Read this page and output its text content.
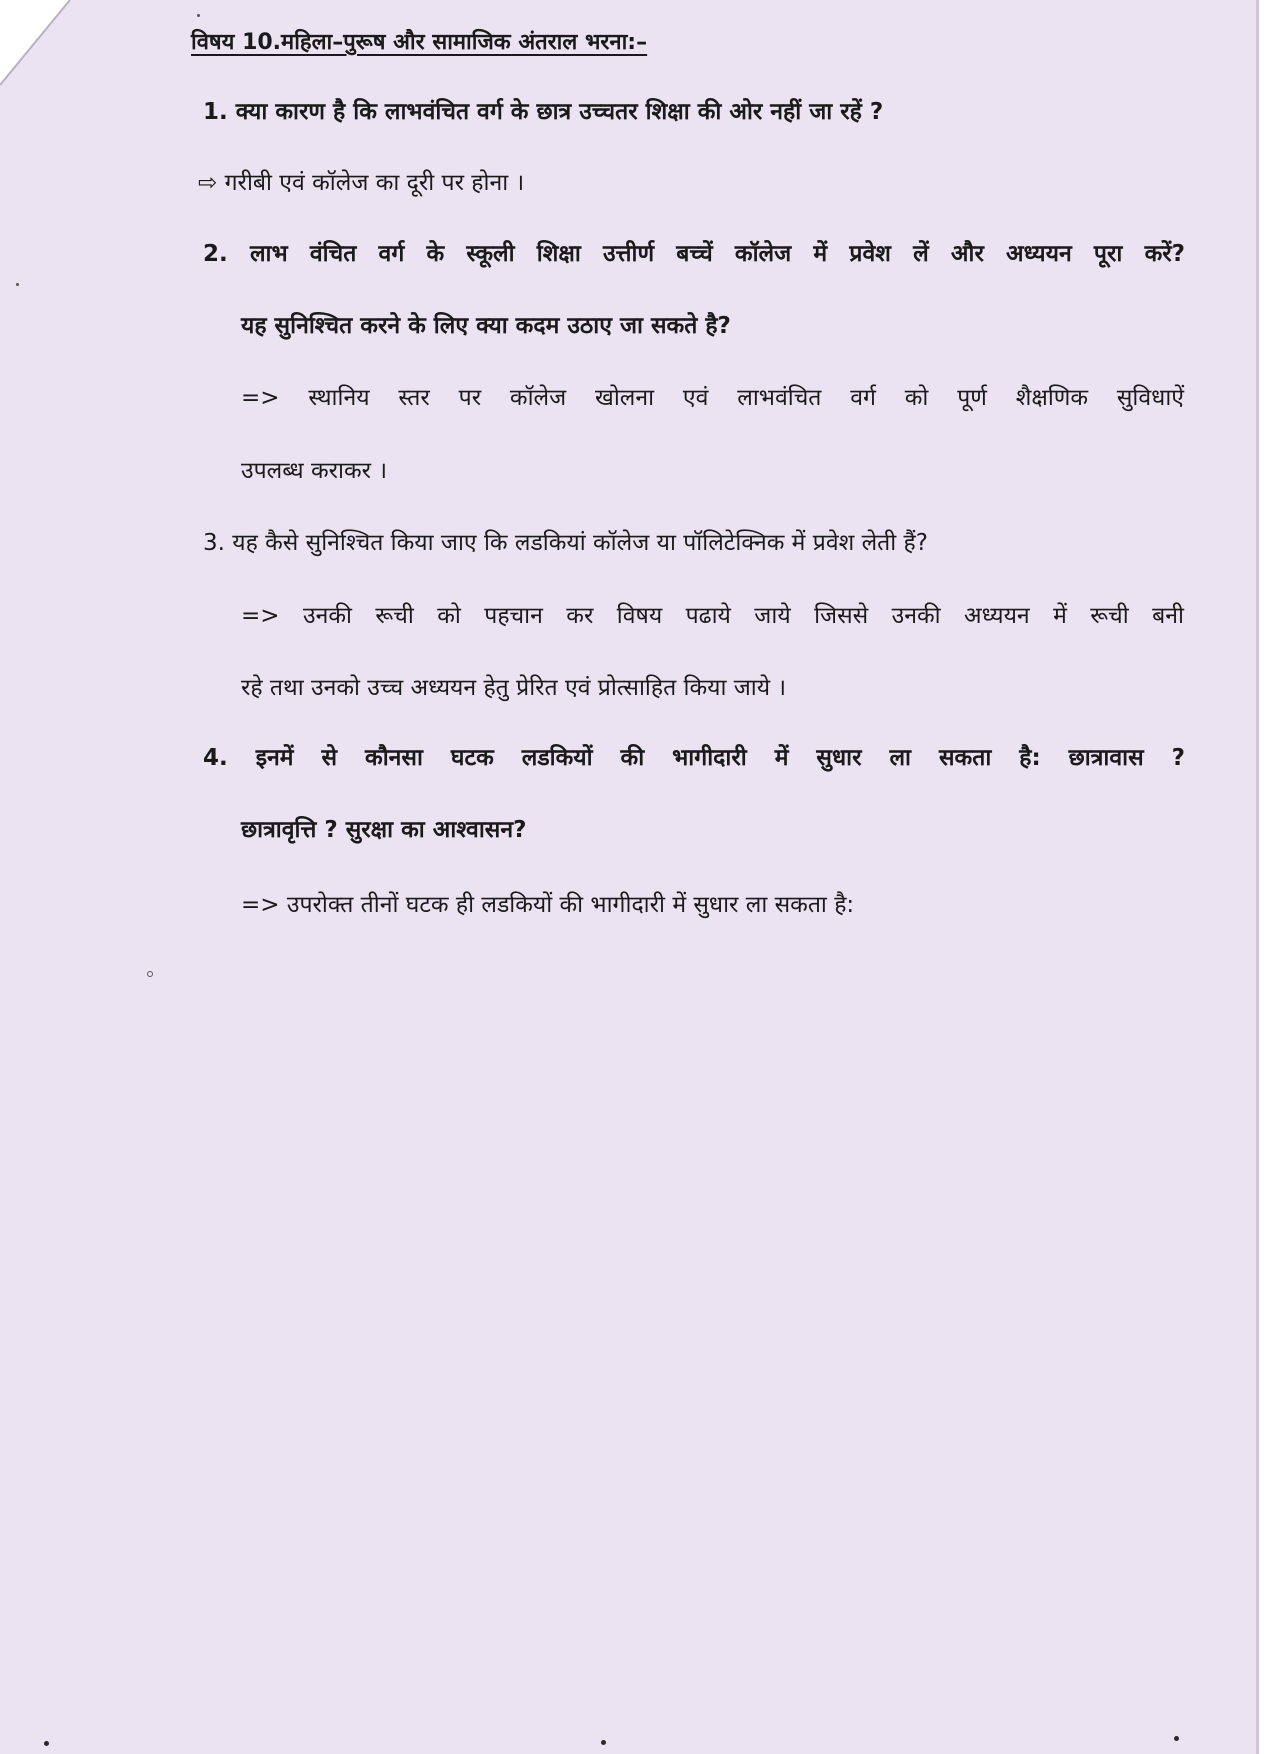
विषय 10.महिला–पुरूष और सामाजिक अंतराल भरना:–

1. क्या कारण है कि लाभवंचित वर्ग के छात्र उच्चतर शिक्षा की ओर नहीं जा रहें ?

⇨ गरीबी एवं कॉलेज का दूरी पर होना ।

2. लाभ वंचित वर्ग के स्कूली शिक्षा उत्तीर्ण बच्चें कॉलेज में प्रवेश लें और अध्ययन पूरा करें?

यह सुनिश्चित करने के लिए क्या कदम उठाए जा सकते है?

=> स्थानिय स्तर पर कॉलेज खोलना एवं लाभवंचित वर्ग को पूर्ण शैक्षणिक सुविधाऐं

उपलब्ध कराकर ।

3. यह कैसे सुनिश्चित किया जाए कि लडकियां कॉलेज या पॉलिटेक्निक में प्रवेश लेती हैं?

=> उनकी रूची को पहचान कर विषय पढाये जाये जिससे उनकी अध्ययन में रूची बनी

रहे तथा उनको उच्च अध्ययन हेतु प्रेरित एवं प्रोत्साहित किया जाये ।

4. इनमें से कौनसा घटक लडकियों की भागीदारी में सुधार ला सकता है: छात्रावास ?

छात्रावृत्ति ? सुरक्षा का आश्वासन?

=> उपरोक्त तीनों घटक ही लडकियों की भागीदारी में सुधार ला सकता है:
